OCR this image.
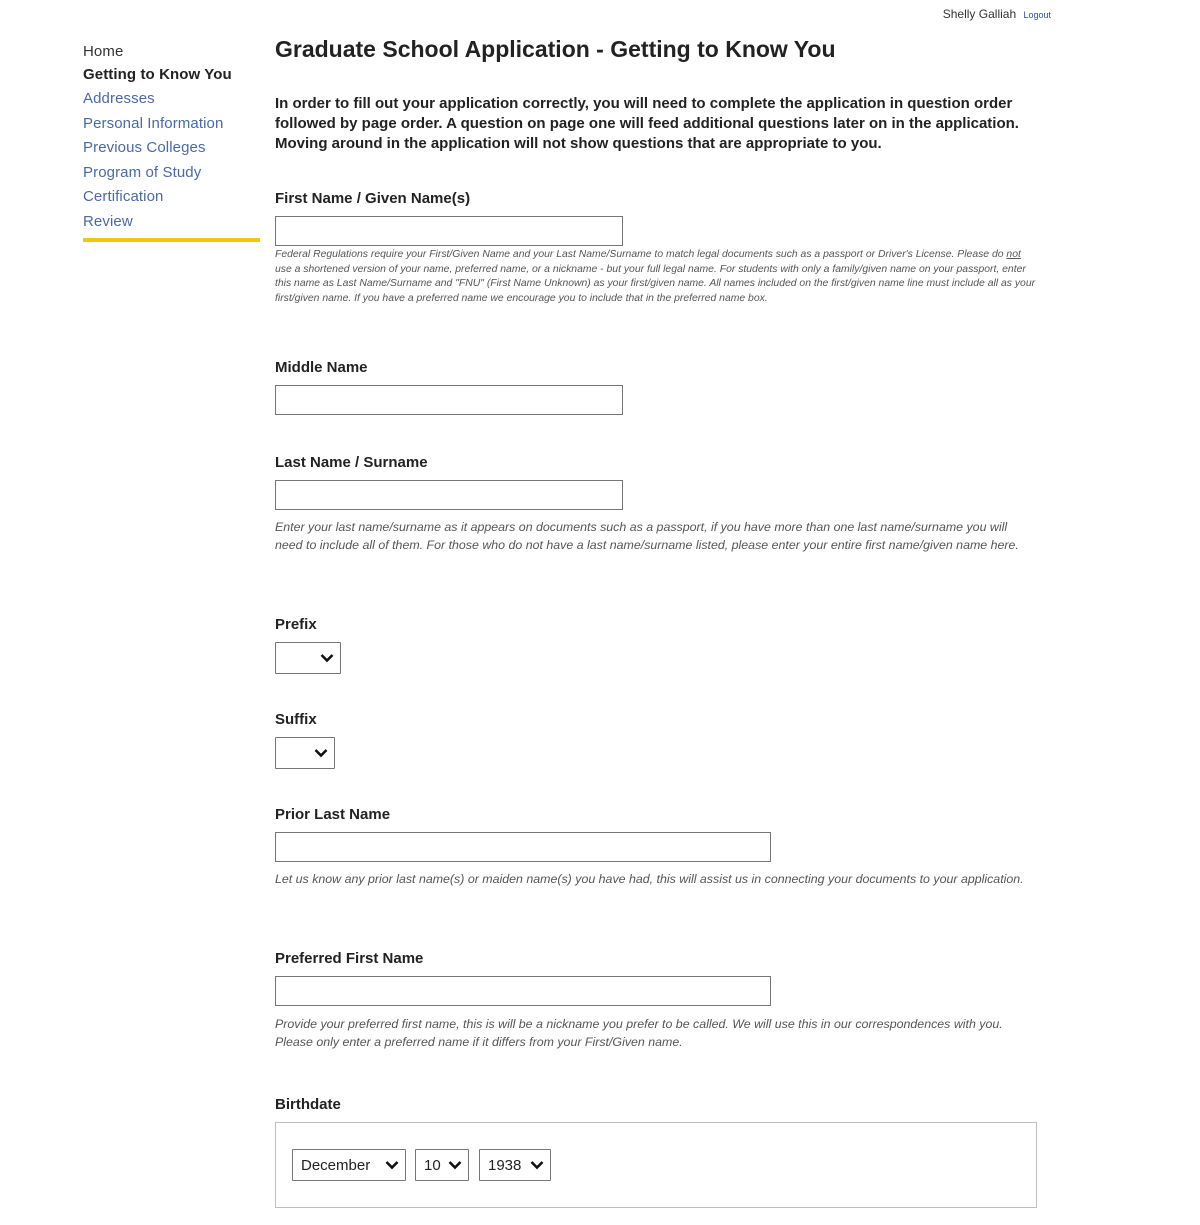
Shelly Galliah Logout
Home
Getting to Know You
Addresses
Personal Information
Previous Colleges
Program of Study
Certification
Review
Graduate School Application - Getting to Know You

In order to fill out your application correctly, you will need to complete the application in question order followed by page order. A question on page one will feed additional questions later on in the application. Moving around in the application will not show questions that are appropriate to you.

First Name / Given Name(s)
Federal Regulations require your First/Given Name and your Last Name/Surname to match legal documents such as a passport or Driver's License. Please do not use a shortened version of your name, preferred name, or a nickname - but your full legal name. For students with only a family/given name on your passport, enter this name as Last Name/Surname and "FNU" (First Name Unknown) as your first/given name. All names included on the first/given name line must include all as your first/given name. If you have a preferred name we encourage you to include that in the preferred name box.
Middle Name
Last Name / Surname
Enter your last name/surname as it appears on documents such as a passport, if you have more than one last name/surname you will need to include all of them. For those who do not have a last name/surname listed, please enter your entire first name/given name here.
Prefix
Suffix
Prior Last Name
Let us know any prior last name(s) or maiden name(s) you have had, this will assist us in connecting your documents to your application.
Preferred First Name
Provide your preferred first name, this is will be a nickname you prefer to be called. We will use this in our correspondences with you. Please only enter a preferred name if it differs from your First/Given name.
Birthdate
December	10	1938
